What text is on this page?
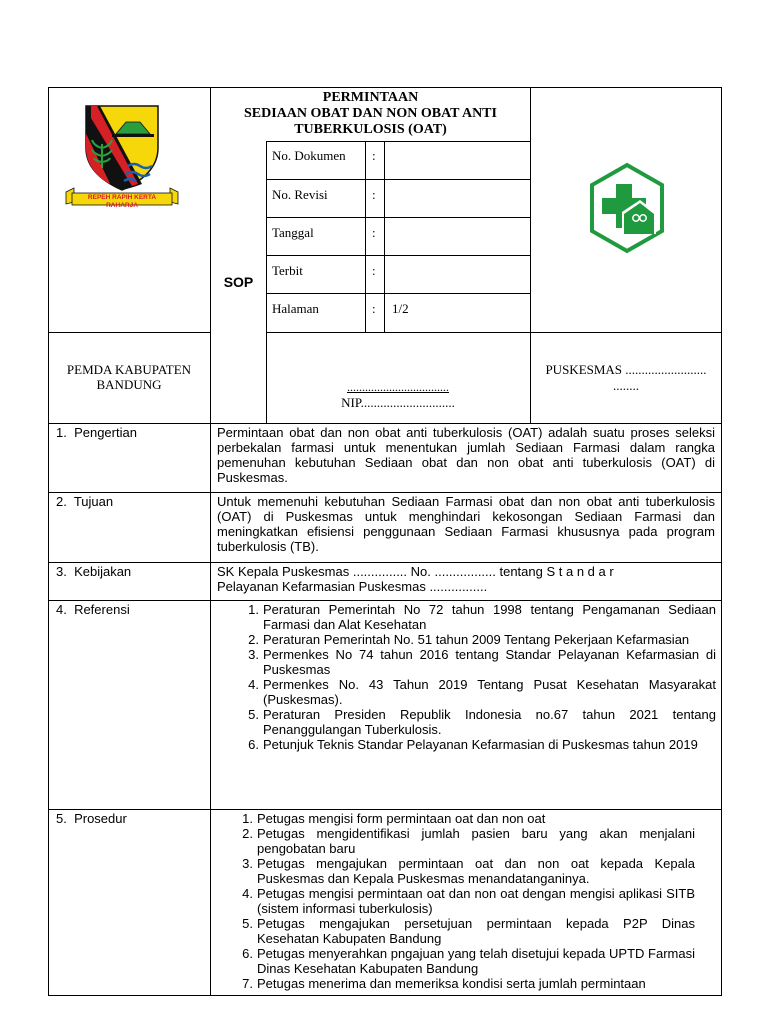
REPEH RAPIH KERTA RAHARJA
PERMINTAAN
SEDIAAN OBAT DAN NON OBAT ANTI
TUBERKULOSIS (OAT)
SOP
No. Dokumen :
No. Revisi	:
Tanggal	:
Terbit	:
Halaman	: 1/2
PEMDA KABUPATEN BANDUNG	..................................
NIP.............................
PUSKESMAS .........................
........
1.  Pengertian	Permintaan obat dan non obat anti tuberkulosis (OAT) adalah suatu proses seleksi perbekalan farmasi untuk menentukan jumlah Sediaan Farmasi dalam rangka pemenuhan kebutuhan Sediaan obat dan non obat anti tuberkulosis (OAT) di Puskesmas.
2.  Tujuan	Untuk memenuhi kebutuhan Sediaan Farmasi obat dan non obat anti tuberkulosis (OAT) di Puskesmas untuk menghindari kekosongan Sediaan Farmasi dan meningkatkan efisiensi penggunaan Sediaan Farmasi khususnya pada program tuberkulosis (TB).
3.  Kebijakan	SK Kepala Puskesmas ............... No. ................. tentang S t a n d a r
Pelayanan Kefarmasian Puskesmas ................
4.  Referensi	1. Peraturan Pemerintah No 72 tahun 1998 tentang Pengamanan Sediaan Farmasi dan Alat Kesehatan
2. Peraturan Pemerintah No. 51 tahun 2009 Tentang Pekerjaan Kefarmasian
3. Permenkes No 74 tahun 2016 tentang Standar Pelayanan Kefarmasian di Puskesmas
4. Permenkes No. 43 Tahun 2019 Tentang Pusat Kesehatan Masyarakat (Puskesmas).
5. Peraturan Presiden Republik Indonesia no.67 tahun 2021 tentang Penanggulangan Tuberkulosis.
6. Petunjuk Teknis Standar Pelayanan Kefarmasian di Puskesmas tahun 2019
5.  Prosedur	1. Petugas mengisi form permintaan oat dan non oat
2. Petugas mengidentifikasi jumlah pasien baru yang akan menjalani pengobatan baru
3. Petugas mengajukan permintaan oat dan non oat kepada Kepala Puskesmas dan Kepala Puskesmas menandatanganinya.
4. Petugas mengisi permintaan oat dan non oat dengan mengisi aplikasi SITB (sistem informasi tuberkulosis)
5. Petugas mengajukan persetujuan permintaan kepada P2P Dinas Kesehatan Kabupaten Bandung
6. Petugas menyerahkan pngajuan yang telah disetujui kepada UPTD Farmasi Dinas Kesehatan Kabupaten Bandung
7. Petugas menerima dan memeriksa kondisi serta jumlah permintaan
